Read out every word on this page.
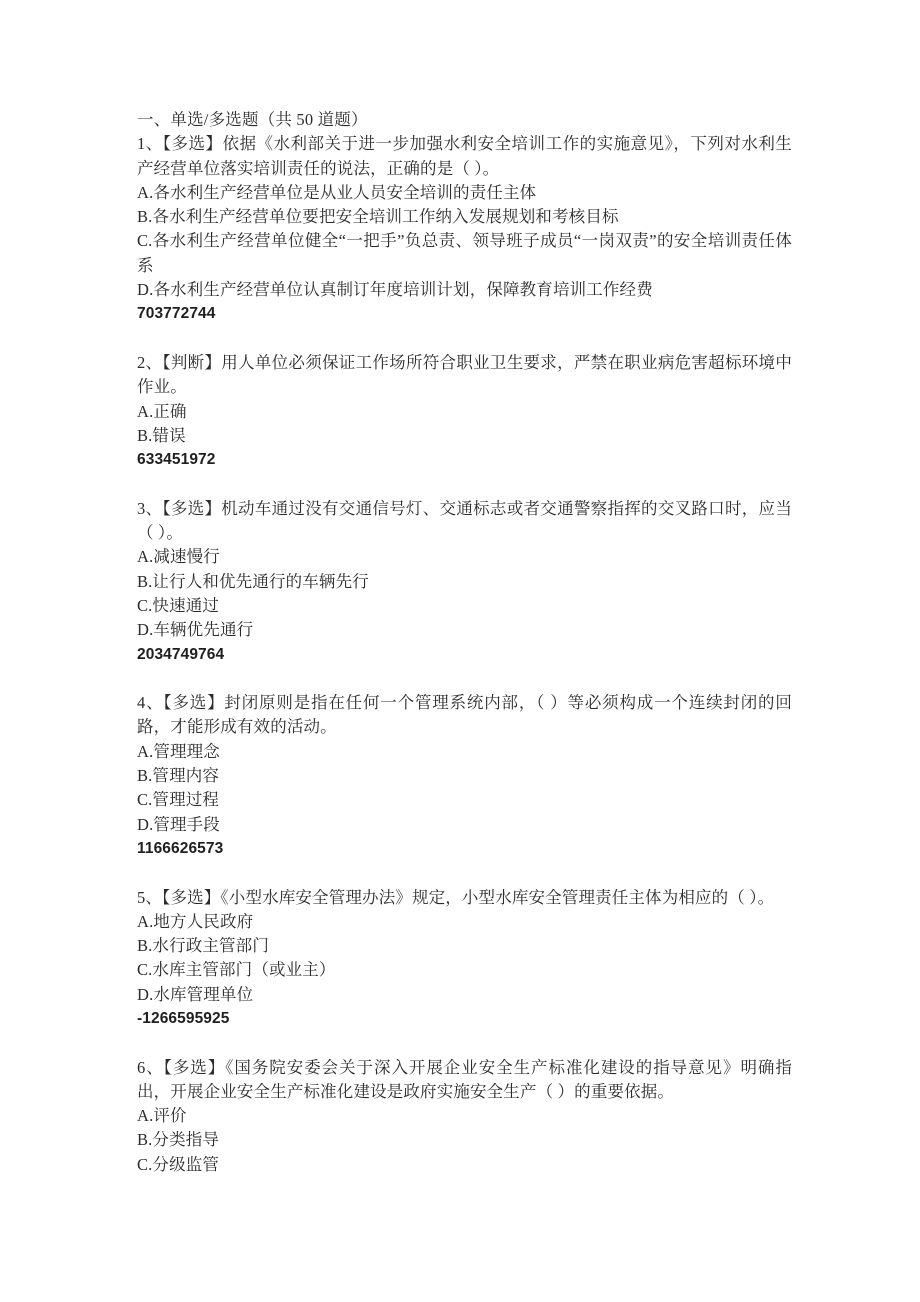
一、单选/多选题（共 50 道题）
1、【多选】依据《水利部关于进一步加强水利安全培训工作的实施意见》，下列对水利生产经营单位落实培训责任的说法，正确的是（ ）。
A.各水利生产经营单位是从业人员安全培训的责任主体
B.各水利生产经营单位要把安全培训工作纳入发展规划和考核目标
C.各水利生产经营单位健全“一把手”负总责、领导班子成员“一岗双责”的安全培训责任体系
D.各水利生产经营单位认真制订年度培训计划，保障教育培训工作经费
703772744
2、【判断】用人单位必须保证工作场所符合职业卫生要求，严禁在职业病危害超标环境中作业。
A.正确
B.错误
633451972
3、【多选】机动车通过没有交通信号灯、交通标志或者交通警察指挥的交叉路口时，应当（ ）。
A.减速慢行
B.让行人和优先通行的车辆先行
C.快速通过
D.车辆优先通行
2034749764
4、【多选】封闭原则是指在任何一个管理系统内部，（ ）等必须构成一个连续封闭的回路，才能形成有效的活动。
A.管理理念
B.管理内容
C.管理过程
D.管理手段
1166626573
5、【多选】《小型水库安全管理办法》规定，小型水库安全管理责任主体为相应的（ ）。
A.地方人民政府
B.水行政主管部门
C.水库主管部门（或业主）
D.水库管理单位
-1266595925
6、【多选】《国务院安委会关于深入开展企业安全生产标准化建设的指导意见》明确指出，开展企业安全生产标准化建设是政府实施安全生产（ ）的重要依据。
A.评价
B.分类指导
C.分级监管
